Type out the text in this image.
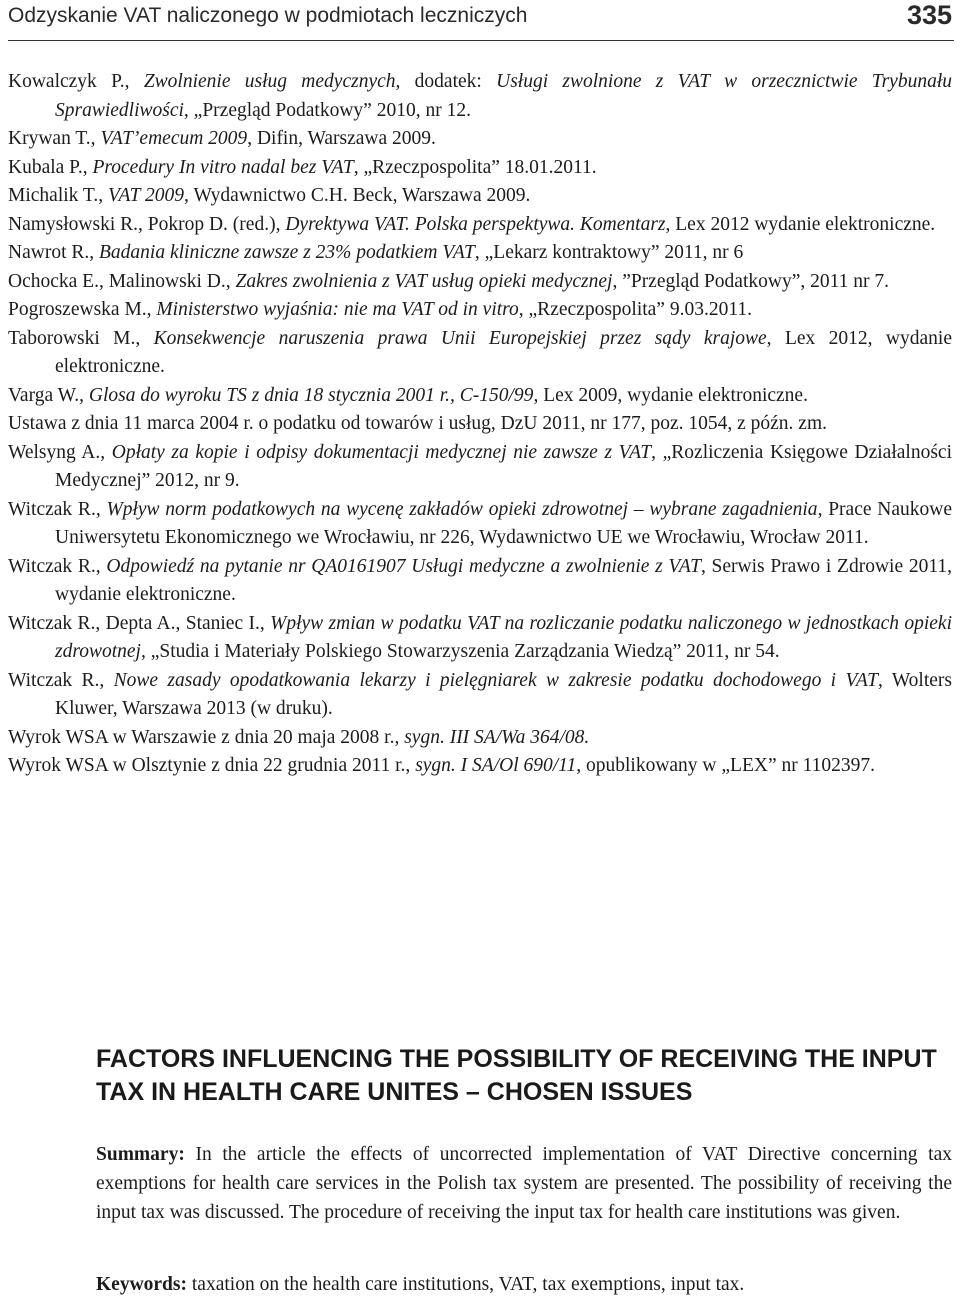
Odzyskanie VAT naliczonego w podmiotach leczniczych	335

Kowalczyk P., Zwolnienie usług medycznych, dodatek: Usługi zwolnione z VAT w orzecznictwie Trybunału Sprawiedliwości, „Przegląd Podatkowy” 2010, nr 12.

Krywan T., VAT’emecum 2009, Difin, Warszawa 2009.

Kubala P., Procedury In vitro nadal bez VAT, „Rzeczpospolita” 18.01.2011.

Michalik T., VAT 2009, Wydawnictwo C.H. Beck, Warszawa 2009.

Namysłowski R., Pokrop D. (red.), Dyrektywa VAT. Polska perspektywa. Komentarz, Lex 2012 wydanie elektroniczne.

Nawrot R., Badania kliniczne zawsze z 23% podatkiem VAT, „Lekarz kontraktowy” 2011, nr 6

Ochocka E., Malinowski D., Zakres zwolnienia z VAT usług opieki medycznej, ”Przegląd Podatkowy”, 2011 nr 7.

Pogroszewska M., Ministerstwo wyjaśnia: nie ma VAT od in vitro, „Rzeczpospolita” 9.03.2011.

Taborowski M., Konsekwencje naruszenia prawa Unii Europejskiej przez sądy krajowe, Lex 2012, wydanie elektroniczne.

Varga W., Glosa do wyroku TS z dnia 18 stycznia 2001 r., C-150/99, Lex 2009, wydanie elektroniczne.

Ustawa z dnia 11 marca 2004 r. o podatku od towarów i usług, DzU 2011, nr 177, poz. 1054, z późn. zm.

Welsyng A., Opłaty za kopie i odpisy dokumentacji medycznej nie zawsze z VAT, „Rozliczenia Księgowe Działalności Medycznej” 2012, nr 9.

Witczak R., Wpływ norm podatkowych na wycenę zakładów opieki zdrowotnej – wybrane zagadnienia, Prace Naukowe Uniwersytetu Ekonomicznego we Wrocławiu, nr 226, Wydawnictwo UE we Wrocławiu, Wrocław 2011.

Witczak R., Odpowiedź na pytanie nr QA0161907 Usługi medyczne a zwolnienie z VAT, Serwis Prawo i Zdrowie 2011, wydanie elektroniczne.

Witczak R., Depta A., Staniec I., Wpływ zmian w podatku VAT na rozliczanie podatku naliczonego w jednostkach opieki zdrowotnej, „Studia i Materiały Polskiego Stowarzyszenia Zarządzania Wiedzą” 2011, nr 54.

Witczak R., Nowe zasady opodatkowania lekarzy i pielęgniarek w zakresie podatku dochodowego i VAT, Wolters Kluwer, Warszawa 2013 (w druku).

Wyrok WSA w Warszawie z dnia 20 maja 2008 r., sygn. III SA/Wa 364/08.

Wyrok WSA w Olsztynie z dnia 22 grudnia 2011 r., sygn. I SA/Ol 690/11, opublikowany w „LEX” nr 1102397.

FACTORS INFLUENCING THE POSSIBILITY OF RECEIVING THE INPUT TAX IN HEALTH CARE UNITES – CHOSEN ISSUES

Summary: In the article the effects of uncorrected implementation of VAT Directive concerning tax exemptions for health care services in the Polish tax system are presented. The possibility of receiving the input tax was discussed. The procedure of receiving the input tax for health care institutions was given.

Keywords: taxation on the health care institutions, VAT, tax exemptions, input tax.
